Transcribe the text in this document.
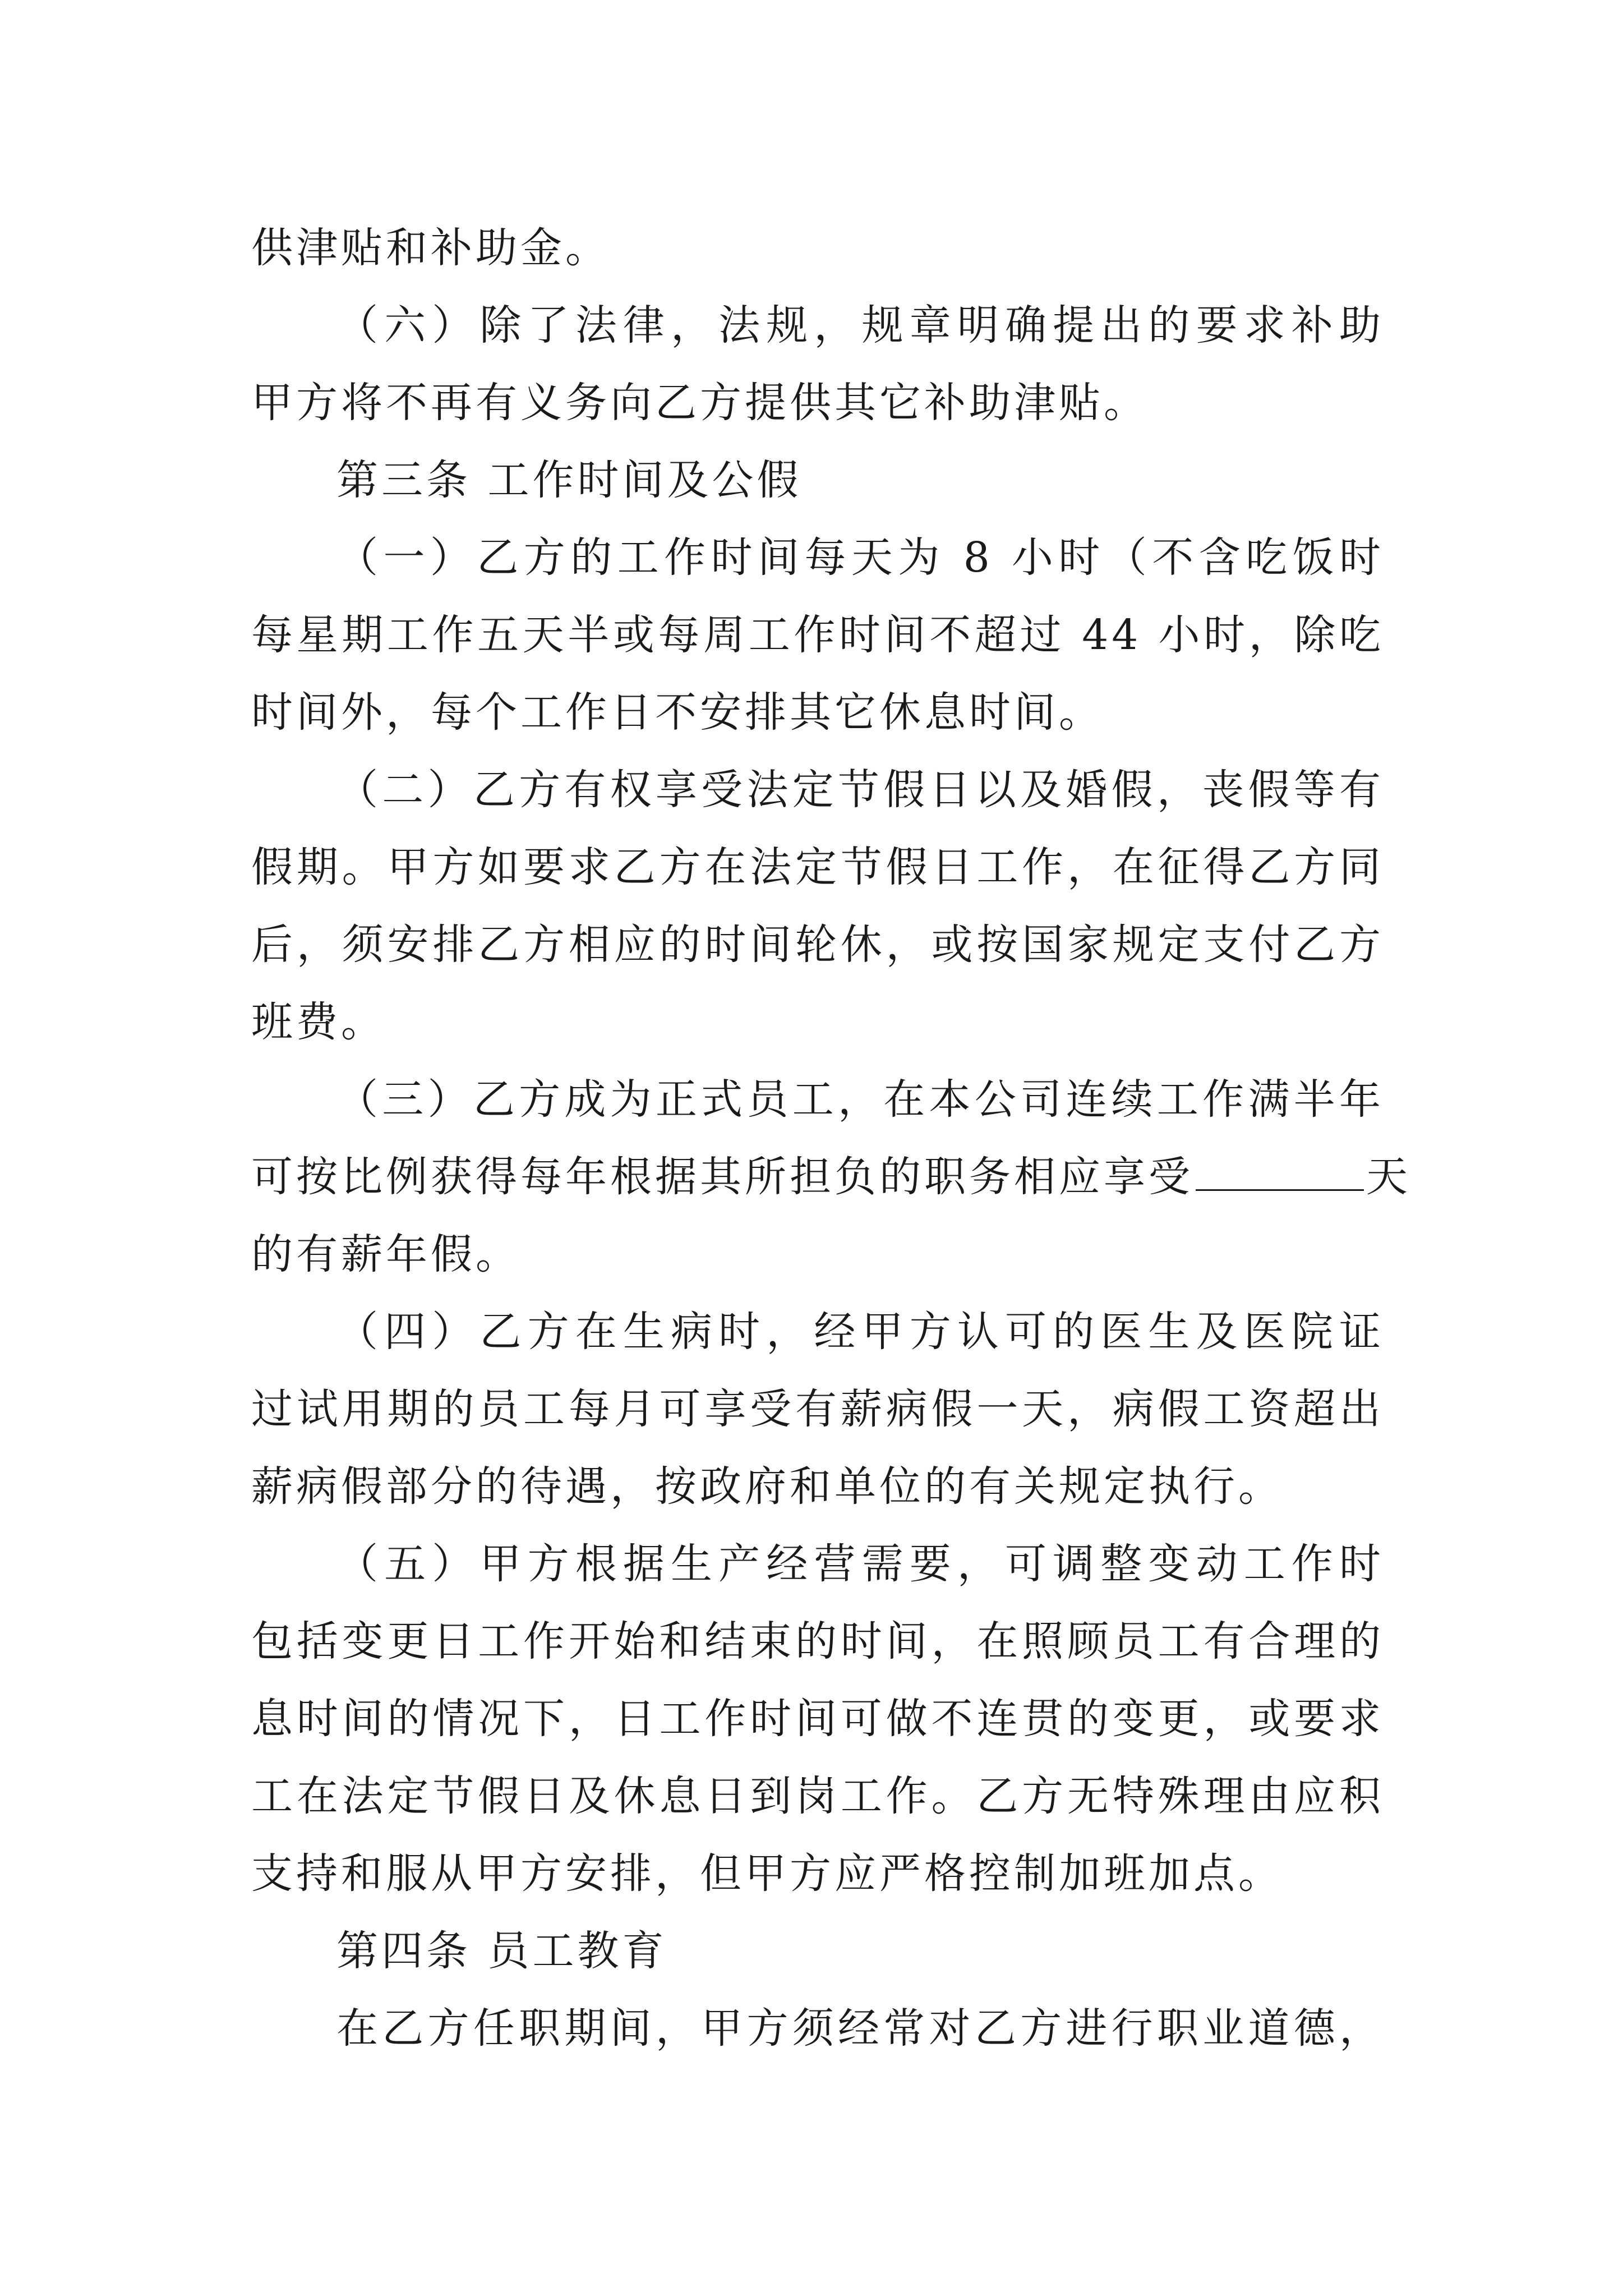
供津贴和补助金。
（六）除了法律，法规，规章明确提出的要求补助
甲方将不再有义务向乙方提供其它补助津贴。
第三条 工作时间及公假
（一）乙方的工作时间每天为 8 小时（不含吃饭时
每星期工作五天半或每周工作时间不超过 44 小时，除吃
时间外，每个工作日不安排其它休息时间。
（二）乙方有权享受法定节假日以及婚假，丧假等有
假期。甲方如要求乙方在法定节假日工作，在征得乙方同
后，须安排乙方相应的时间轮休，或按国家规定支付乙方
班费。
（三）乙方成为正式员工，在本公司连续工作满半年
可按比例获得每年根据其所担负的职务相应享受	天
的有薪年假。
（四）乙方在生病时，经甲方认可的医生及医院证
过试用期的员工每月可享受有薪病假一天，病假工资超出
薪病假部分的待遇，按政府和单位的有关规定执行。
（五）甲方根据生产经营需要，可调整变动工作时
包括变更日工作开始和结束的时间，在照顾员工有合理的
息时间的情况下，日工作时间可做不连贯的变更，或要求
工在法定节假日及休息日到岗工作。乙方无特殊理由应积
支持和服从甲方安排，但甲方应严格控制加班加点。
第四条 员工教育
在乙方任职期间，甲方须经常对乙方进行职业道德，
